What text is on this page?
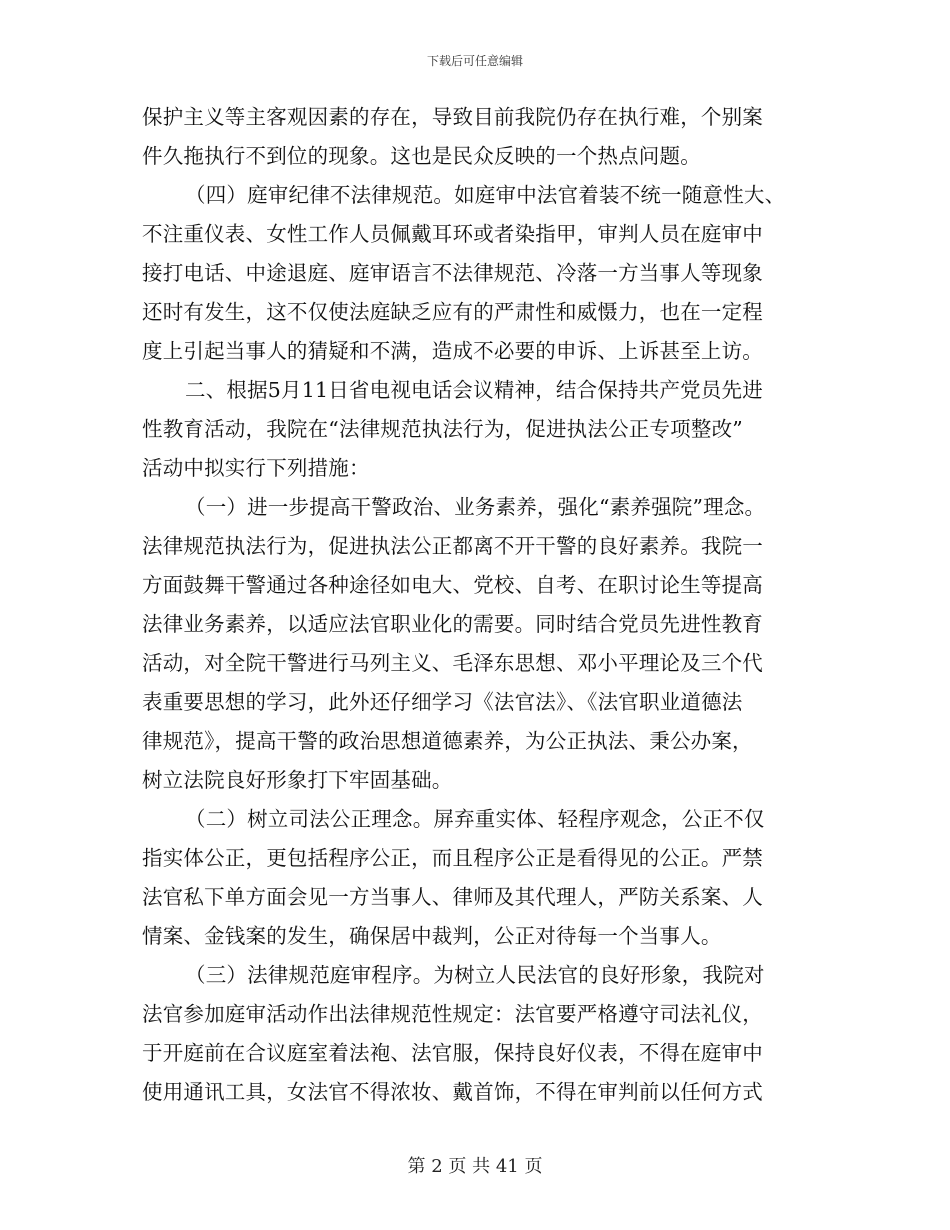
下载后可任意编辑
保护主义等主客观因素的存在，导致目前我院仍存在执行难，个别案
件久拖执行不到位的现象。这也是民众反映的一个热点问题。
（四）庭审纪律不法律规范。如庭审中法官着装不统一随意性大、
不注重仪表、女性工作人员佩戴耳环或者染指甲，审判人员在庭审中
接打电话、中途退庭、庭审语言不法律规范、冷落一方当事人等现象
还时有发生，这不仅使法庭缺乏应有的严肃性和威慑力，也在一定程
度上引起当事人的猜疑和不满，造成不必要的申诉、上诉甚至上访。
二、根据5月11日省电视电话会议精神，结合保持共产党员先进
性教育活动，我院在“法律规范执法行为，促进执法公正专项整改”
活动中拟实行下列措施：
（一）进一步提高干警政治、业务素养，强化“素养强院”理念。
法律规范执法行为，促进执法公正都离不开干警的良好素养。我院一
方面鼓舞干警通过各种途径如电大、党校、自考、在职讨论生等提高
法律业务素养，以适应法官职业化的需要。同时结合党员先进性教育
活动，对全院干警进行马列主义、毛泽东思想、邓小平理论及三个代
表重要思想的学习，此外还仔细学习《法官法》、《法官职业道德法
律规范》，提高干警的政治思想道德素养，为公正执法、秉公办案，
树立法院良好形象打下牢固基础。
（二）树立司法公正理念。屏弃重实体、轻程序观念，公正不仅
指实体公正，更包括程序公正，而且程序公正是看得见的公正。严禁
法官私下单方面会见一方当事人、律师及其代理人，严防关系案、人
情案、金钱案的发生，确保居中裁判，公正对待每一个当事人。
（三）法律规范庭审程序。为树立人民法官的良好形象，我院对
法官参加庭审活动作出法律规范性规定：法官要严格遵守司法礼仪，
于开庭前在合议庭室着法袍、法官服，保持良好仪表，不得在庭审中
使用通讯工具，女法官不得浓妆、戴首饰，不得在审判前以任何方式
第 2 页 共 41 页
